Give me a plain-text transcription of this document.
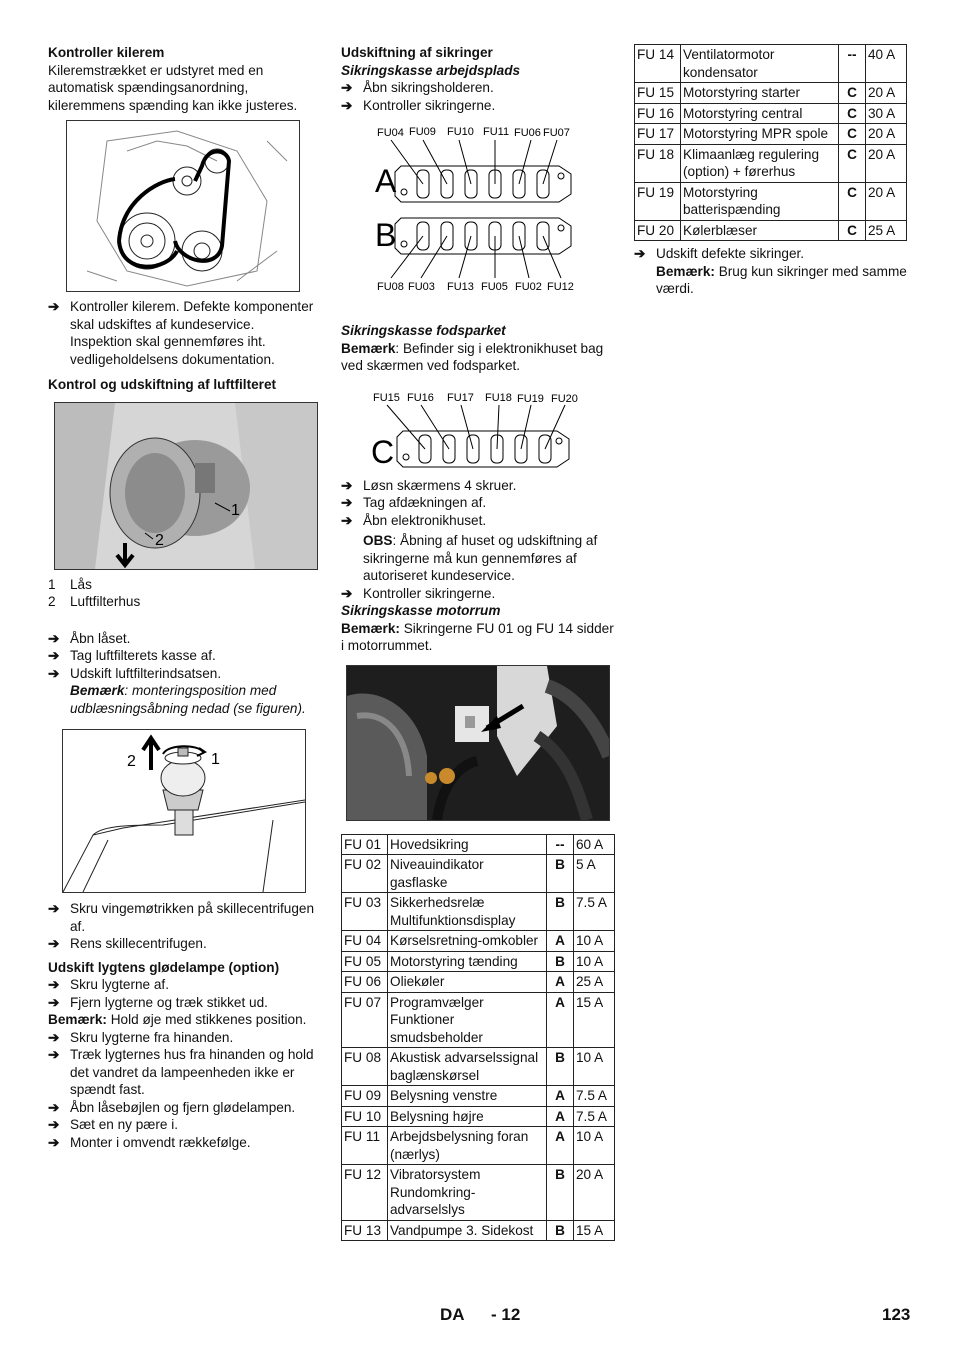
Kontroller kilerem

Kileremstrækket er udstyret med en automatisk spændingsanordning, kileremmens spænding kan ikke justeres.

➔ Kontroller kilerem. Defekte komponenter skal udskiftes af kundeservice. Inspektion skal gennemføres iht. vedligeholdelsens dokumentation.
Kontrol og udskiftning af luftfilteret
1
2
1	Lås
2	Luftfilterhus
➔ Åbn låset.
➔ Tag luftfilterets kasse af.
➔ Udskift luftfilterindsatsen.

Bemærk: monteringsposition med udblæsningsåbning nedad (se figuren).

2	1
➔ Skru vingemøtrikken på skillecentrifugen af.
➔ Rens skillecentrifugen.
Udskift lygtens glødelampe (option)
➔ Skru lygterne af.
➔ Fjern lygterne og træk stikket ud.

Bemærk: Hold øje med stikkenes position.

➔ Skru lygterne fra hinanden.
➔ Træk lygternes hus fra hinanden og hold det vandret da lampeenheden ikke er spændt fast.
➔ Åbn låsebøjlen og fjern glødelampen.
➔ Sæt en ny pære i.
➔ Monter i omvendt rækkefølge.
Udskiftning af sikringer

Sikringskasse arbejdsplads

➔ Åbn sikringsholderen.
➔ Kontroller sikringerne.
FU04 FU09 FU10 FU11 FU06 FU07
FU08 FU03 FU13 FU05 FU02 FU12
A
B

Sikringskasse fodsparket

Bemærk: Befinder sig i elektronikhuset bag ved skærmen ved fodsparket.

FU15 FU16 FU17 FU18 FU19 FU20
C
➔ Løsn skærmens 4 skruer.
➔ Tag afdækningen af.
➔ Åbn elektronikhuset.

OBS: Åbning af huset og udskiftning af sikringerne må kun gennemføres af autoriseret kundeservice.

➔ Kontroller sikringerne.

Sikringskasse motorrum

Bemærk: Sikringerne FU 01 og FU 14 sidder i motorrummet.

FU 01	Hovedsikring	--	60 A
FU 02	Niveauindikator gasflaske	B	5 A
FU 03	Sikkerhedsrelæ Multifunktionsdisplay	B	7.5 A
FU 04	Kørselsretning-omkobler	A	10 A
FU 05	Motorstyring tænding	B	10 A
FU 06	Oliekøler	A	25 A
FU 07	Programvælger Funktioner smudsbeholder	A	15 A
FU 08	Akustisk advarselssignal baglænskørsel	B	10 A
FU 09	Belysning venstre	A	7.5 A
FU 10	Belysning højre	A	7.5 A
FU 11	Arbejdsbelysning foran (nærlys)	A	10 A
FU 12	Vibratorsystem Rundomkring-advarselslys	B	20 A
FU 13	Vandpumpe 3. Sidekost	B	15 A
FU 14	Ventilatormotor kondensator	--	40 A
FU 15	Motorstyring starter	C	20 A
FU 16	Motorstyring central	C	30 A
FU 17	Motorstyring MPR spole	C	20 A
FU 18	Klimaanlæg regulering (option) + førerhus	C	20 A
FU 19	Motorstyring batterispænding	C	20 A
FU 20	Kølerblæser	C	25 A
➔ Udskift defekte sikringer.

Bemærk: Brug kun sikringer med samme værdi.

DA - 12	123
